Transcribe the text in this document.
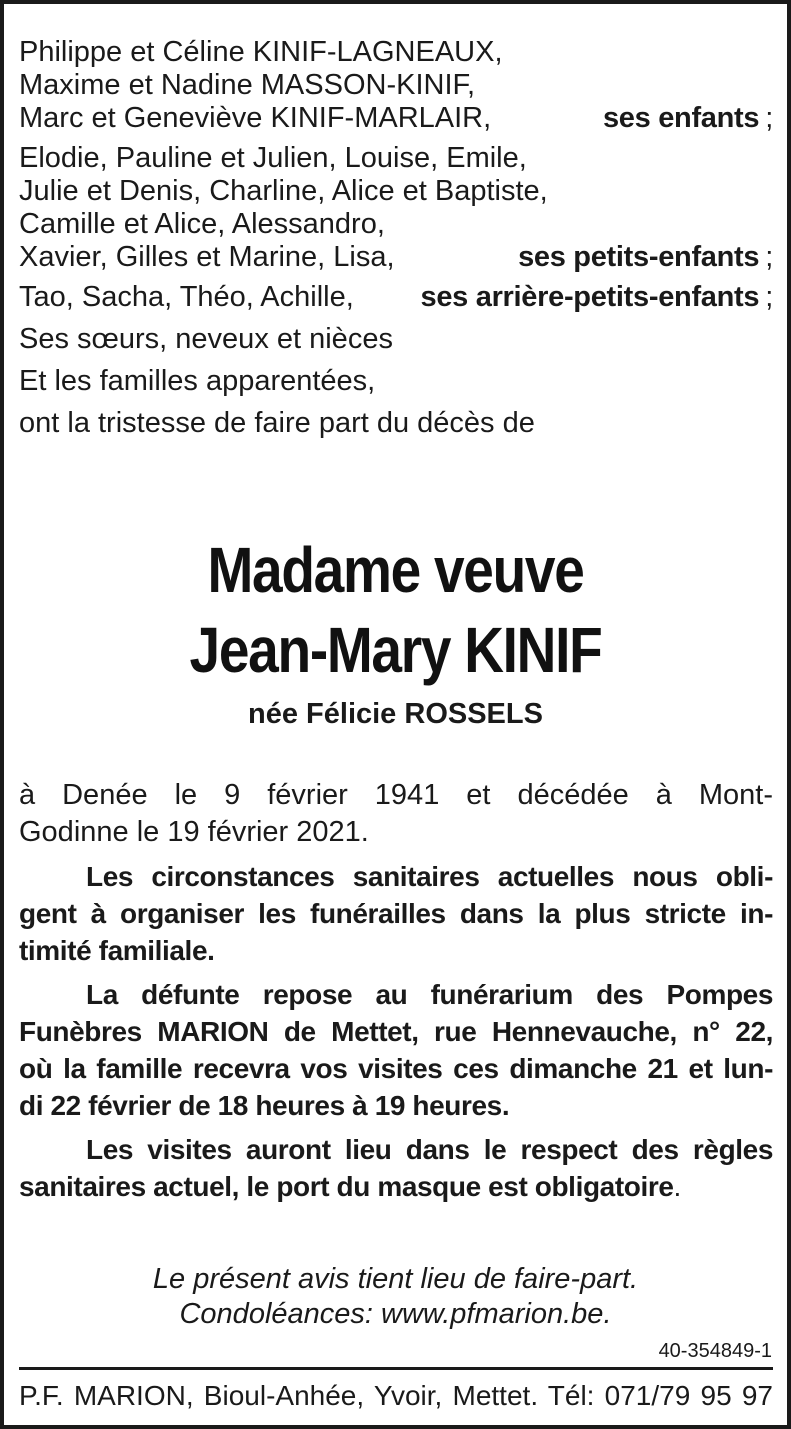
Philippe et Céline KINIF-LAGNEAUX,
Maxime et Nadine MASSON-KINIF,
Marc et Geneviève KINIF-MARLAIR,	ses enfants ;
Elodie, Pauline et Julien, Louise, Emile,
Julie et Denis, Charline, Alice et Baptiste,
Camille et Alice, Alessandro,
Xavier, Gilles et Marine, Lisa,	ses petits-enfants ;
Tao, Sacha, Théo, Achille, ses arrière-petits-enfants ;
Ses sœurs, neveux et nièces
Et les familles apparentées,
ont la tristesse de faire part du décès de
Madame veuve
Jean-Mary KINIF
née Félicie ROSSELS
à Denée le 9 février 1941 et décédée à Mont-
Godinne le 19 février 2021.
Les circonstances sanitaires actuelles nous obli-
gent à organiser les funérailles dans la plus stricte in-
timité familiale.
La défunte repose au funérarium des Pompes
Funèbres MARION de Mettet, rue Hennevauche, n° 22,
où la famille recevra vos visites ces dimanche 21 et lun-
di 22 février de 18 heures à 19 heures.
Les visites auront lieu dans le respect des règles
sanitaires actuel, le port du masque est obligatoire.
Le présent avis tient lieu de faire-part.
Condoléances: www.pfmarion.be.
40-354849-1
P.F. MARION, Bioul-Anhée, Yvoir, Mettet. Tél: 071/79 95 97
